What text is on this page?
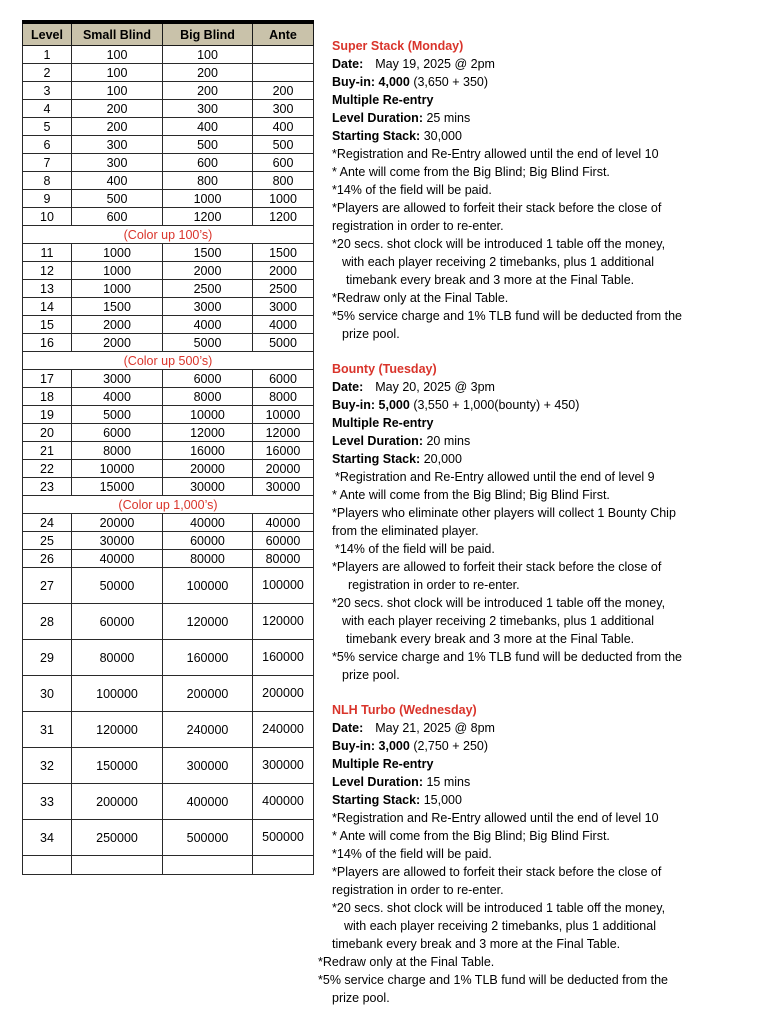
Level	Small Blind	Big Blind	Ante
1	100	100	
2	100	200	
3	100	200	200
4	200	300	300
5	200	400	400
6	300	500	500
7	300	600	600
8	400	800	800
9	500	1000	1000
10	600	1200	1200
(Color up 100’s)			
11	1000	1500	1500
12	1000	2000	2000
13	1000	2500	2500
14	1500	3000	3000
15	2000	4000	4000
16	2000	5000	5000
(Color up 500’s)			
17	3000	6000	6000
18	4000	8000	8000
19	5000	10000	10000
20	6000	12000	12000
21	8000	16000	16000
22	10000	20000	20000
23	15000	30000	30000
(Color up 1,000’s)			
24	20000	40000	40000
25	30000	60000	60000
26	40000	80000	80000
27	50000	100000	100000
28	60000	120000	120000
29	80000	160000	160000
30	100000	200000	200000
31	120000	240000	240000
32	150000	300000	300000
33	200000	400000	400000
34	250000	500000	500000

Super Stack (Monday)
Date: May 19, 2025 @ 2pm
Buy-in: 4,000 (3,650 + 350)
Multiple Re-entry
Level Duration: 25 mins
Starting Stack: 30,000
*Registration and Re-Entry allowed until the end of level 10
* Ante will come from the Big Blind; Big Blind First.
*14% of the field will be paid.
*Players are allowed to forfeit their stack before the close of
registration in order to re-enter.
*20 secs. shot clock will be introduced 1 table off the money,
with each player receiving 2 timebanks, plus 1 additional
timebank every break and 3 more at the Final Table.
*Redraw only at the Final Table.
*5% service charge and 1% TLB fund will be deducted from the
prize pool.
Bounty (Tuesday)
Date: May 20, 2025 @ 3pm
Buy-in: 5,000 (3,550 + 1,000(bounty) + 450)
Multiple Re-entry
Level Duration: 20 mins
Starting Stack: 20,000
*Registration and Re-Entry allowed until the end of level 9
* Ante will come from the Big Blind; Big Blind First.
*Players who eliminate other players will collect 1 Bounty Chip
from the eliminated player.
*14% of the field will be paid.
*Players are allowed to forfeit their stack before the close of
registration in order to re-enter.
*20 secs. shot clock will be introduced 1 table off the money,
with each player receiving 2 timebanks, plus 1 additional
timebank every break and 3 more at the Final Table.
*5% service charge and 1% TLB fund will be deducted from the
prize pool.
NLH Turbo (Wednesday)
Date: May 21, 2025 @ 8pm
Buy-in: 3,000 (2,750 + 250)
Multiple Re-entry
Level Duration: 15 mins
Starting Stack: 15,000
*Registration and Re-Entry allowed until the end of level 10
* Ante will come from the Big Blind; Big Blind First.
*14% of the field will be paid.
*Players are allowed to forfeit their stack before the close of
registration in order to re-enter.
*20 secs. shot clock will be introduced 1 table off the money,
with each player receiving 2 timebanks, plus 1 additional
timebank every break and 3 more at the Final Table.
*Redraw only at the Final Table.
*5% service charge and 1% TLB fund will be deducted from the
prize pool.
